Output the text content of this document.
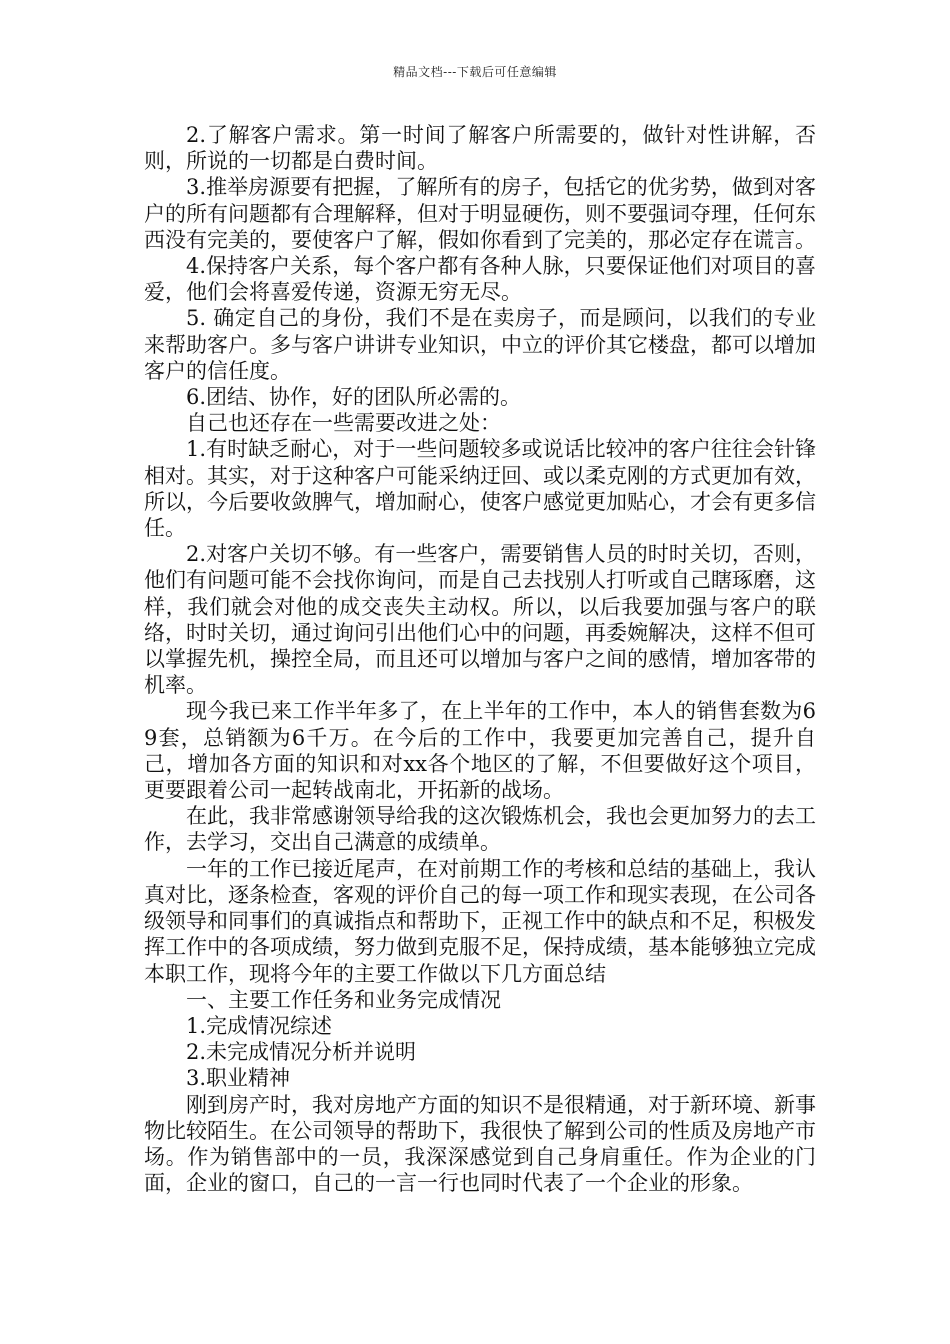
精品文档---下载后可任意编辑

2.了解客户需求。第一时间了解客户所需要的，做针对性讲解，否则，所说的一切都是白费时间。

3.推举房源要有把握，了解所有的房子，包括它的优劣势，做到对客户的所有问题都有合理解释，但对于明显硬伤，则不要强词夺理，任何东西没有完美的，要使客户了解，假如你看到了完美的，那必定存在谎言。

4.保持客户关系，每个客户都有各种人脉，只要保证他们对项目的喜爱，他们会将喜爱传递，资源无穷无尽。

5. 确定自己的身份，我们不是在卖房子，而是顾问，以我们的专业来帮助客户。多与客户讲讲专业知识，中立的评价其它楼盘，都可以增加客户的信任度。

6.团结、协作，好的团队所必需的。

自己也还存在一些需要改进之处：

1.有时缺乏耐心，对于一些问题较多或说话比较冲的客户往往会针锋相对。其实，对于这种客户可能采纳迂回、或以柔克刚的方式更加有效，所以，今后要收敛脾气，增加耐心，使客户感觉更加贴心，才会有更多信任。

2.对客户关切不够。有一些客户，需要销售人员的时时关切，否则，他们有问题可能不会找你询问，而是自己去找别人打听或自己瞎琢磨，这样，我们就会对他的成交丧失主动权。所以，以后我要加强与客户的联络，时时关切，通过询问引出他们心中的问题，再委婉解决，这样不但可以掌握先机，操控全局，而且还可以增加与客户之间的感情，增加客带的机率。

现今我已来工作半年多了，在上半年的工作中，本人的销售套数为69套，总销额为6千万。在今后的工作中，我要更加完善自己，提升自己，增加各方面的知识和对xx各个地区的了解，不但要做好这个项目，更要跟着公司一起转战南北，开拓新的战场。

在此，我非常感谢领导给我的这次锻炼机会，我也会更加努力的去工作，去学习，交出自己满意的成绩单。

一年的工作已接近尾声，在对前期工作的考核和总结的基础上，我认真对比，逐条检查，客观的评价自己的每一项工作和现实表现，在公司各级领导和同事们的真诚指点和帮助下，正视工作中的缺点和不足，积极发挥工作中的各项成绩，努力做到克服不足，保持成绩，基本能够独立完成本职工作，现将今年的主要工作做以下几方面总结

一、主要工作任务和业务完成情况

1.完成情况综述

2.未完成情况分析并说明

3.职业精神

刚到房产时，我对房地产方面的知识不是很精通，对于新环境、新事物比较陌生。在公司领导的帮助下，我很快了解到公司的性质及房地产市场。作为销售部中的一员，我深深感觉到自己身肩重任。作为企业的门面，企业的窗口，自己的一言一行也同时代表了一个企业的形象。
